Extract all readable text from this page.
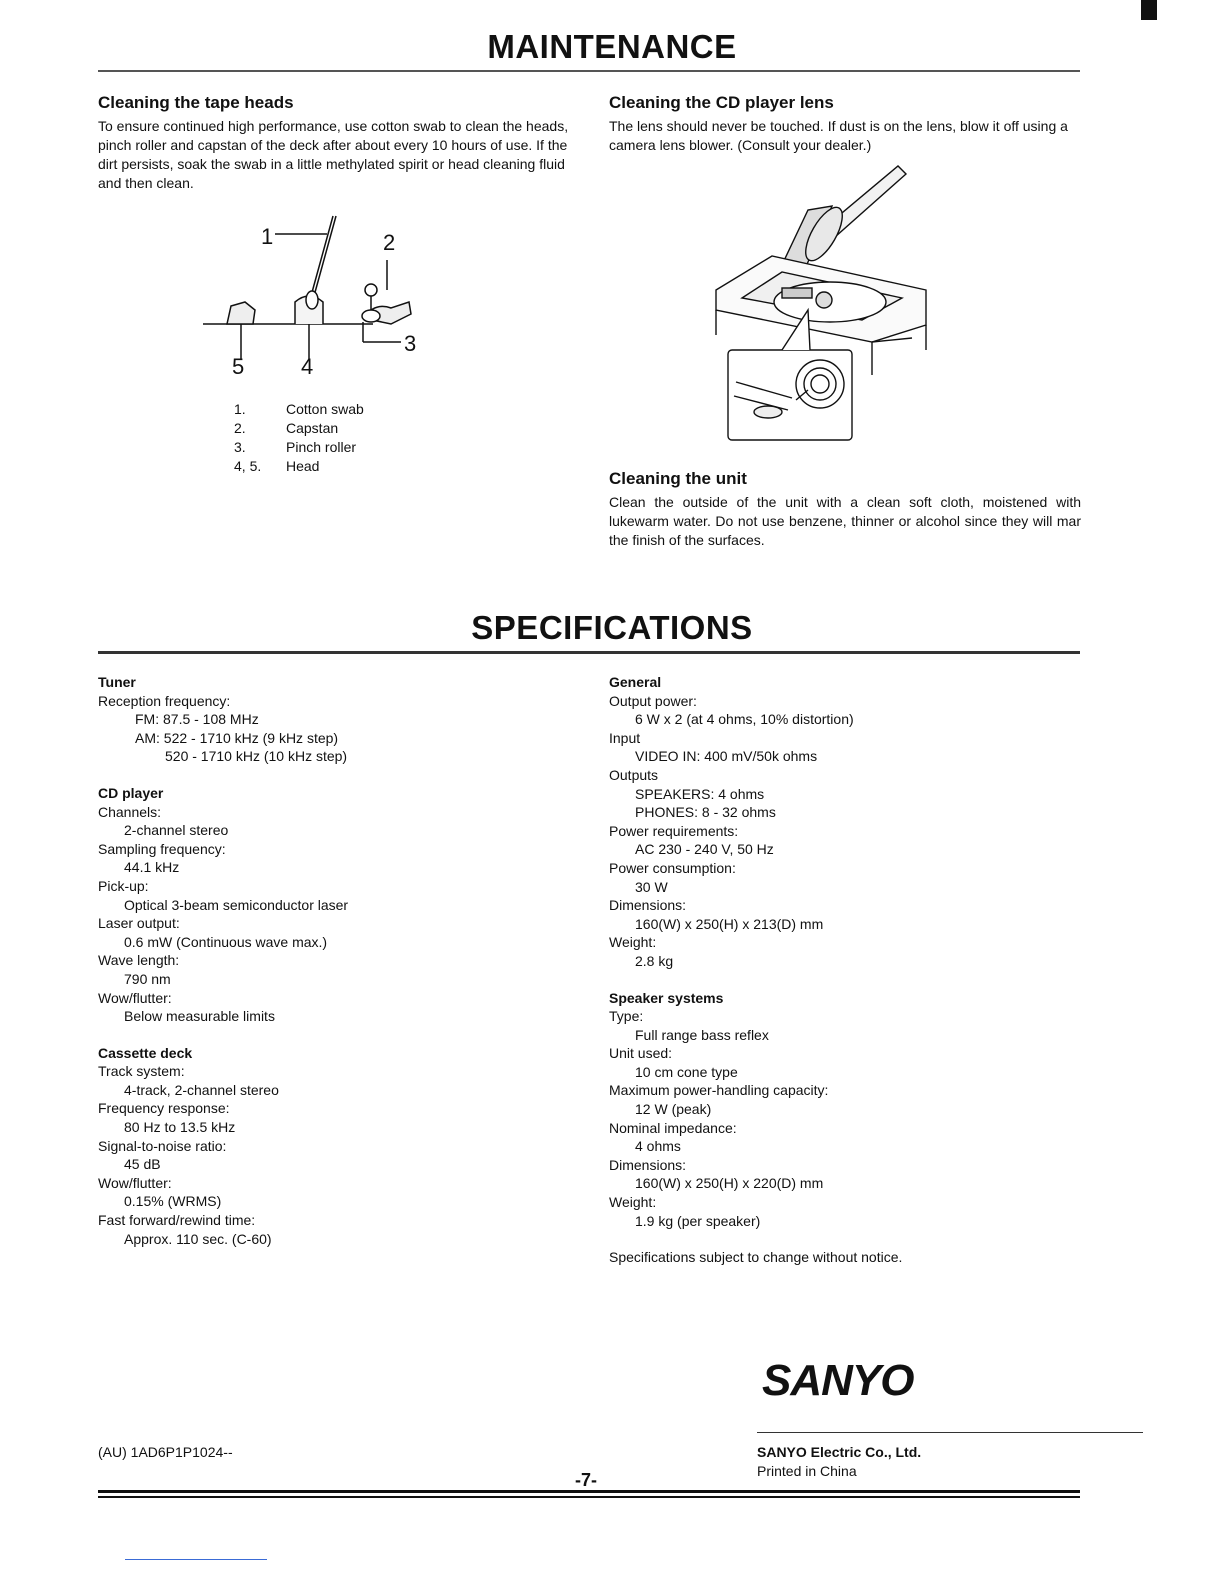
MAINTENANCE
Cleaning the tape heads

To ensure continued high performance, use cotton swab to clean the heads, pinch roller and capstan of the deck after about every 10 hours of use. If the dirt persists, soak the swab in a little methylated spirit or head cleaning fluid and then clean.

1	2
3
4
5
1.	Cotton swab
2.	Capstan
3.	Pinch roller
4, 5. Head
Cleaning the CD player lens

The lens should never be touched. If dust is on the lens, blow it off using a camera lens blower. (Consult your dealer.)

Cleaning the unit

Clean the outside of the unit with a clean soft cloth, moistened with lukewarm water. Do not use benzene, thinner or alcohol since they will mar the finish of the surfaces.

SPECIFICATIONS
Tuner
Reception frequency:
FM: 87.5 - 108 MHz
AM: 522 - 1710 kHz (9 kHz step)
520 - 1710 kHz (10 kHz step)
CD player
Channels:
2-channel stereo
Sampling frequency:
44.1 kHz
Pick-up:
Optical 3-beam semiconductor laser
Laser output:
0.6 mW (Continuous wave max.)
Wave length:
790 nm
Wow/flutter:
Below measurable limits
Cassette deck
Track system:
4-track, 2-channel stereo
Frequency response:
80 Hz to 13.5 kHz
Signal-to-noise ratio:
45 dB
Wow/flutter:
0.15% (WRMS)
Fast forward/rewind time:
Approx. 110 sec. (C-60)
General
Output power:
6 W x 2 (at 4 ohms, 10% distortion)
Input
VIDEO IN: 400 mV/50k ohms
Outputs
SPEAKERS: 4 ohms
PHONES: 8 - 32 ohms
Power requirements:
AC 230 - 240 V, 50 Hz
Power consumption:
30 W
Dimensions:
160(W) x 250(H) x 213(D) mm
Weight:
2.8 kg
Speaker systems
Type:
Full range bass reflex
Unit used:
10 cm cone type
Maximum power-handling capacity:
12 W (peak)
Nominal impedance:
4 ohms
Dimensions:
160(W) x 250(H) x 220(D) mm
Weight:
1.9 kg (per speaker)
Specifications subject to change without notice.
SANYO
SANYO Electric Co., Ltd.
Printed in China
(AU) 1AD6P1P1024--
-7-
